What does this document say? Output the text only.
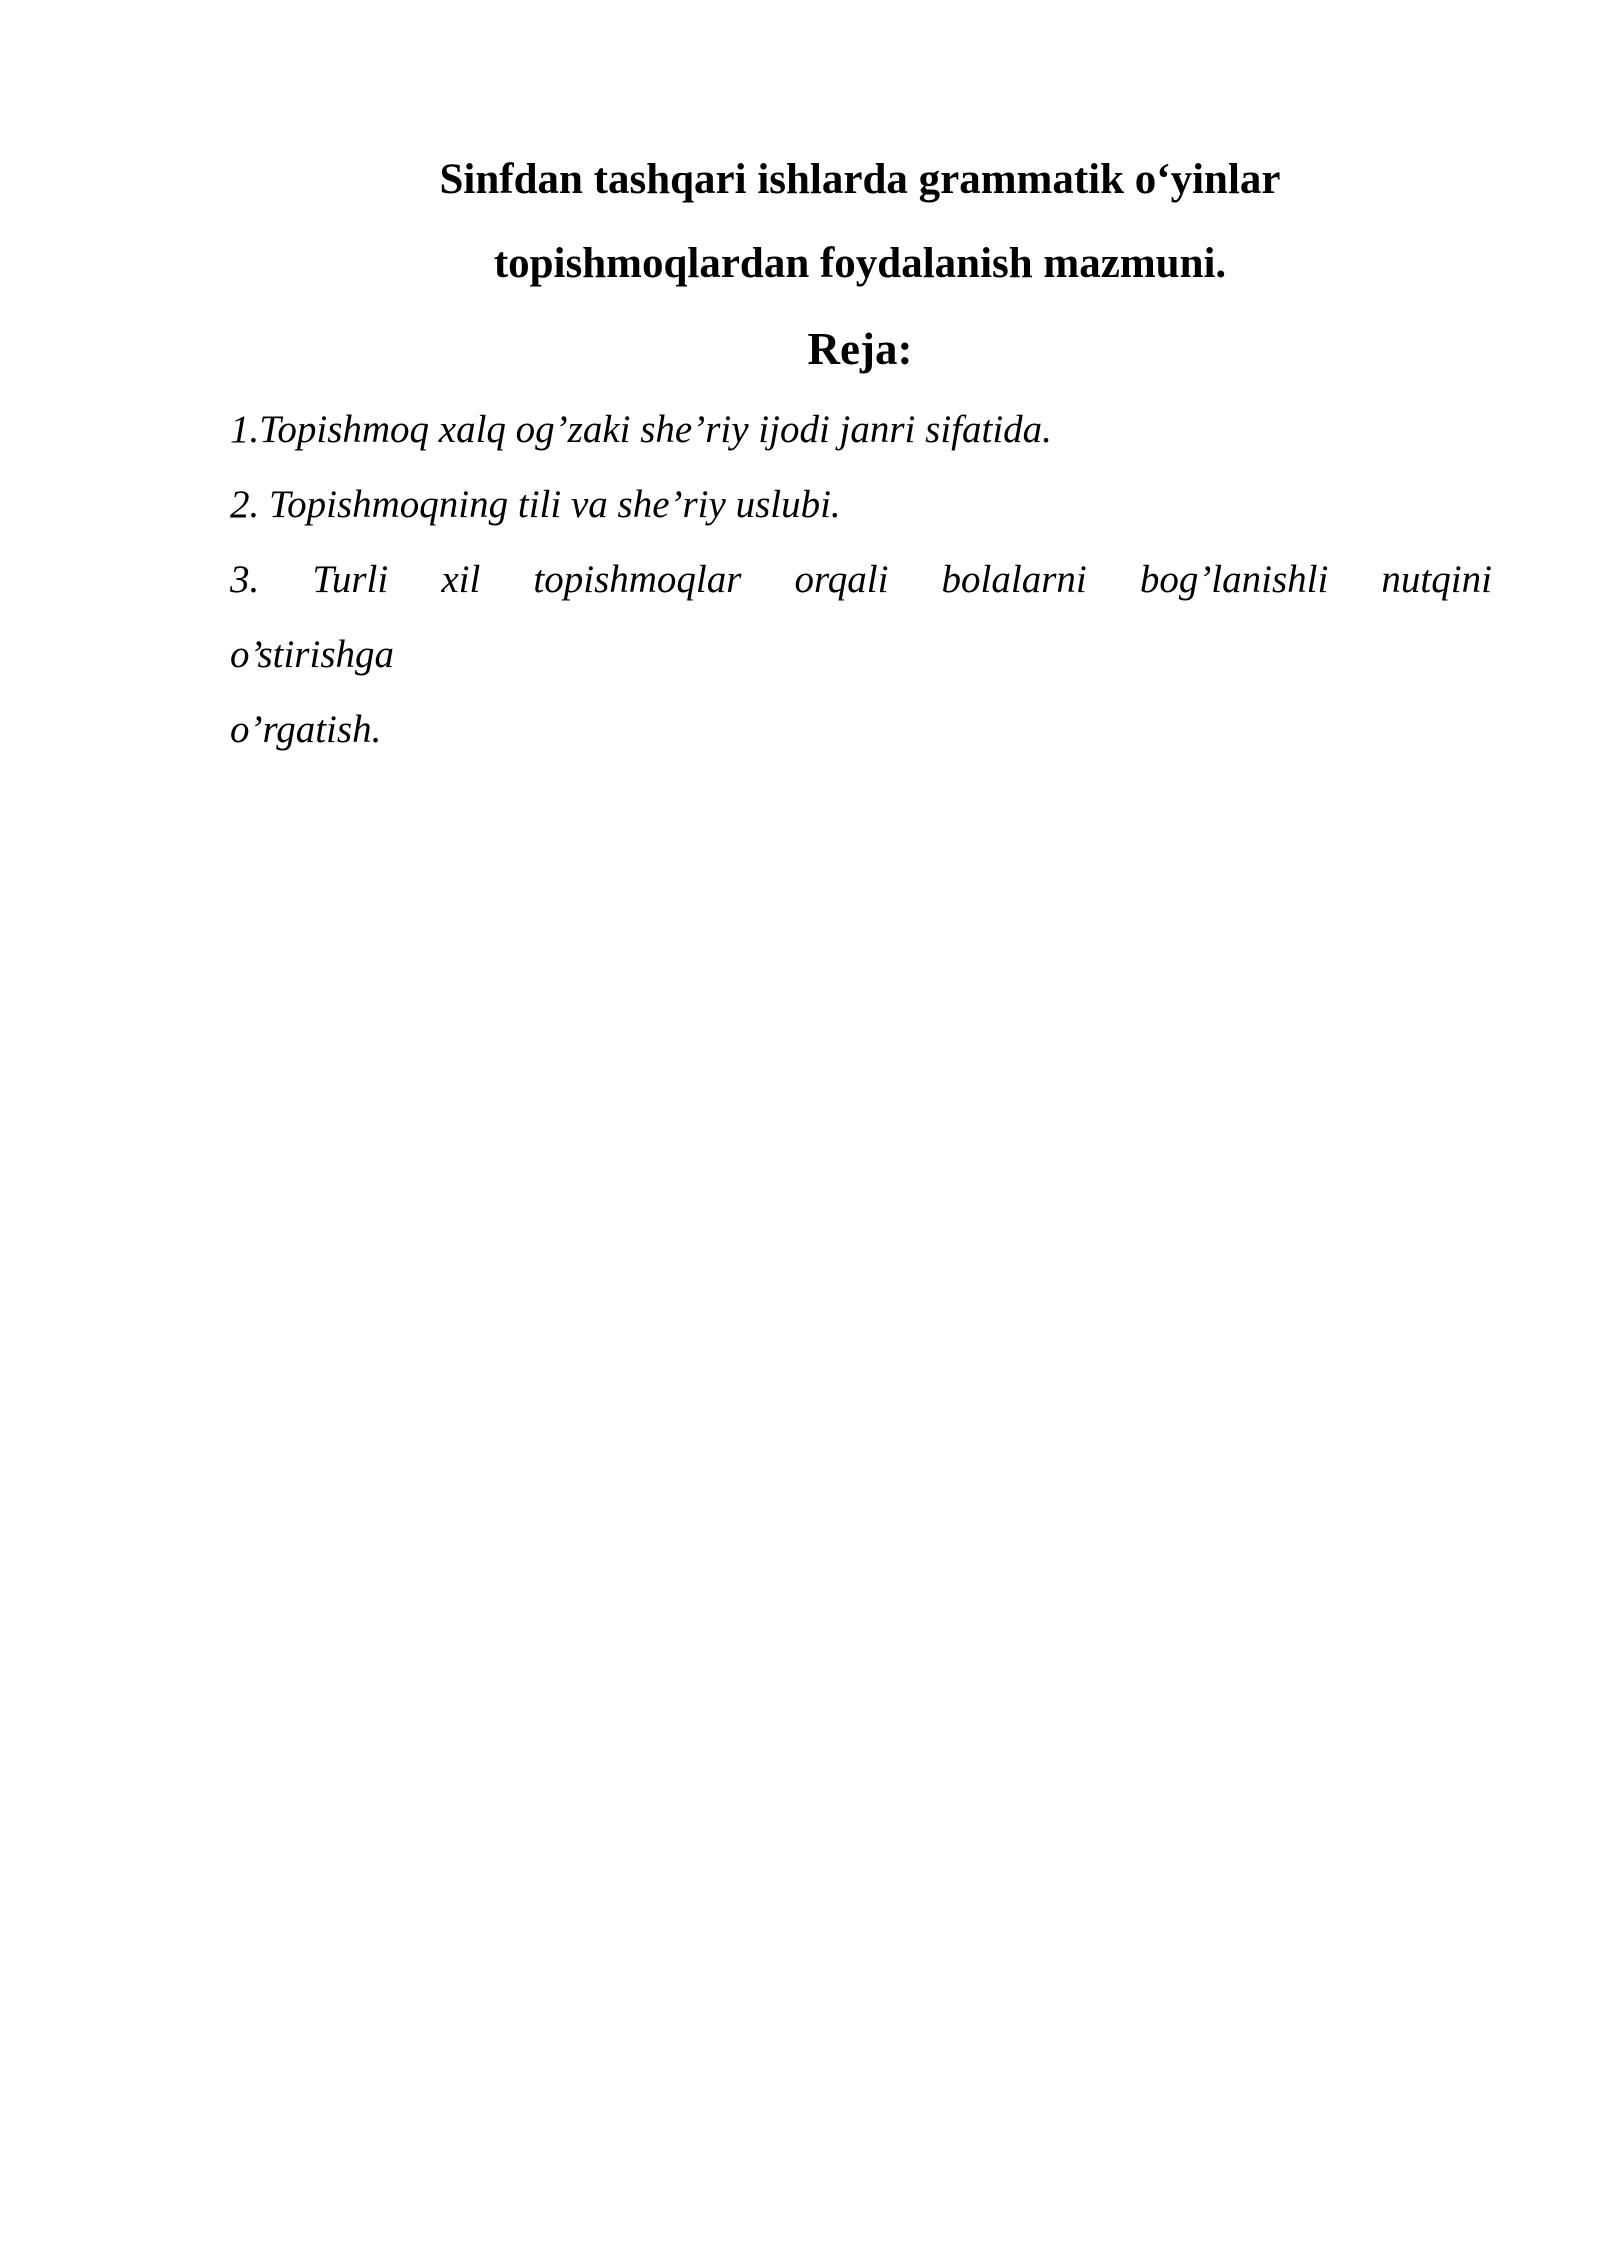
Sinfdan tashqari ishlarda grammatik o‘yinlar
topishmoqlardan foydalanish mazmuni.
Reja:
1.Topishmoq xalq og’zaki she’riy ijodi janri sifatida.
2. Topishmoqning tili va she’riy uslubi.
3. Turli xil topishmoqlar orqali bolalarni bog’lanishli nutqini
o’stirishga
o’rgatish.
